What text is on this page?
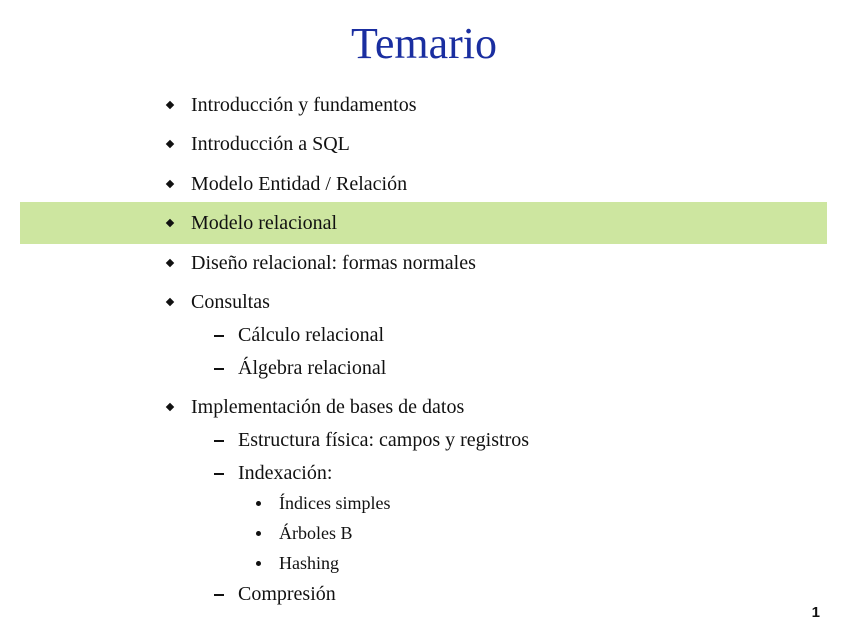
Temario
Introducción y fundamentos
Introducción a SQL
Modelo Entidad / Relación
Modelo relacional
Diseño relacional: formas normales
Consultas
Cálculo relacional
Álgebra relacional
Implementación de bases de datos
Estructura física: campos y registros
Indexación:
Índices simples
Árboles B
Hashing
Compresión
1
